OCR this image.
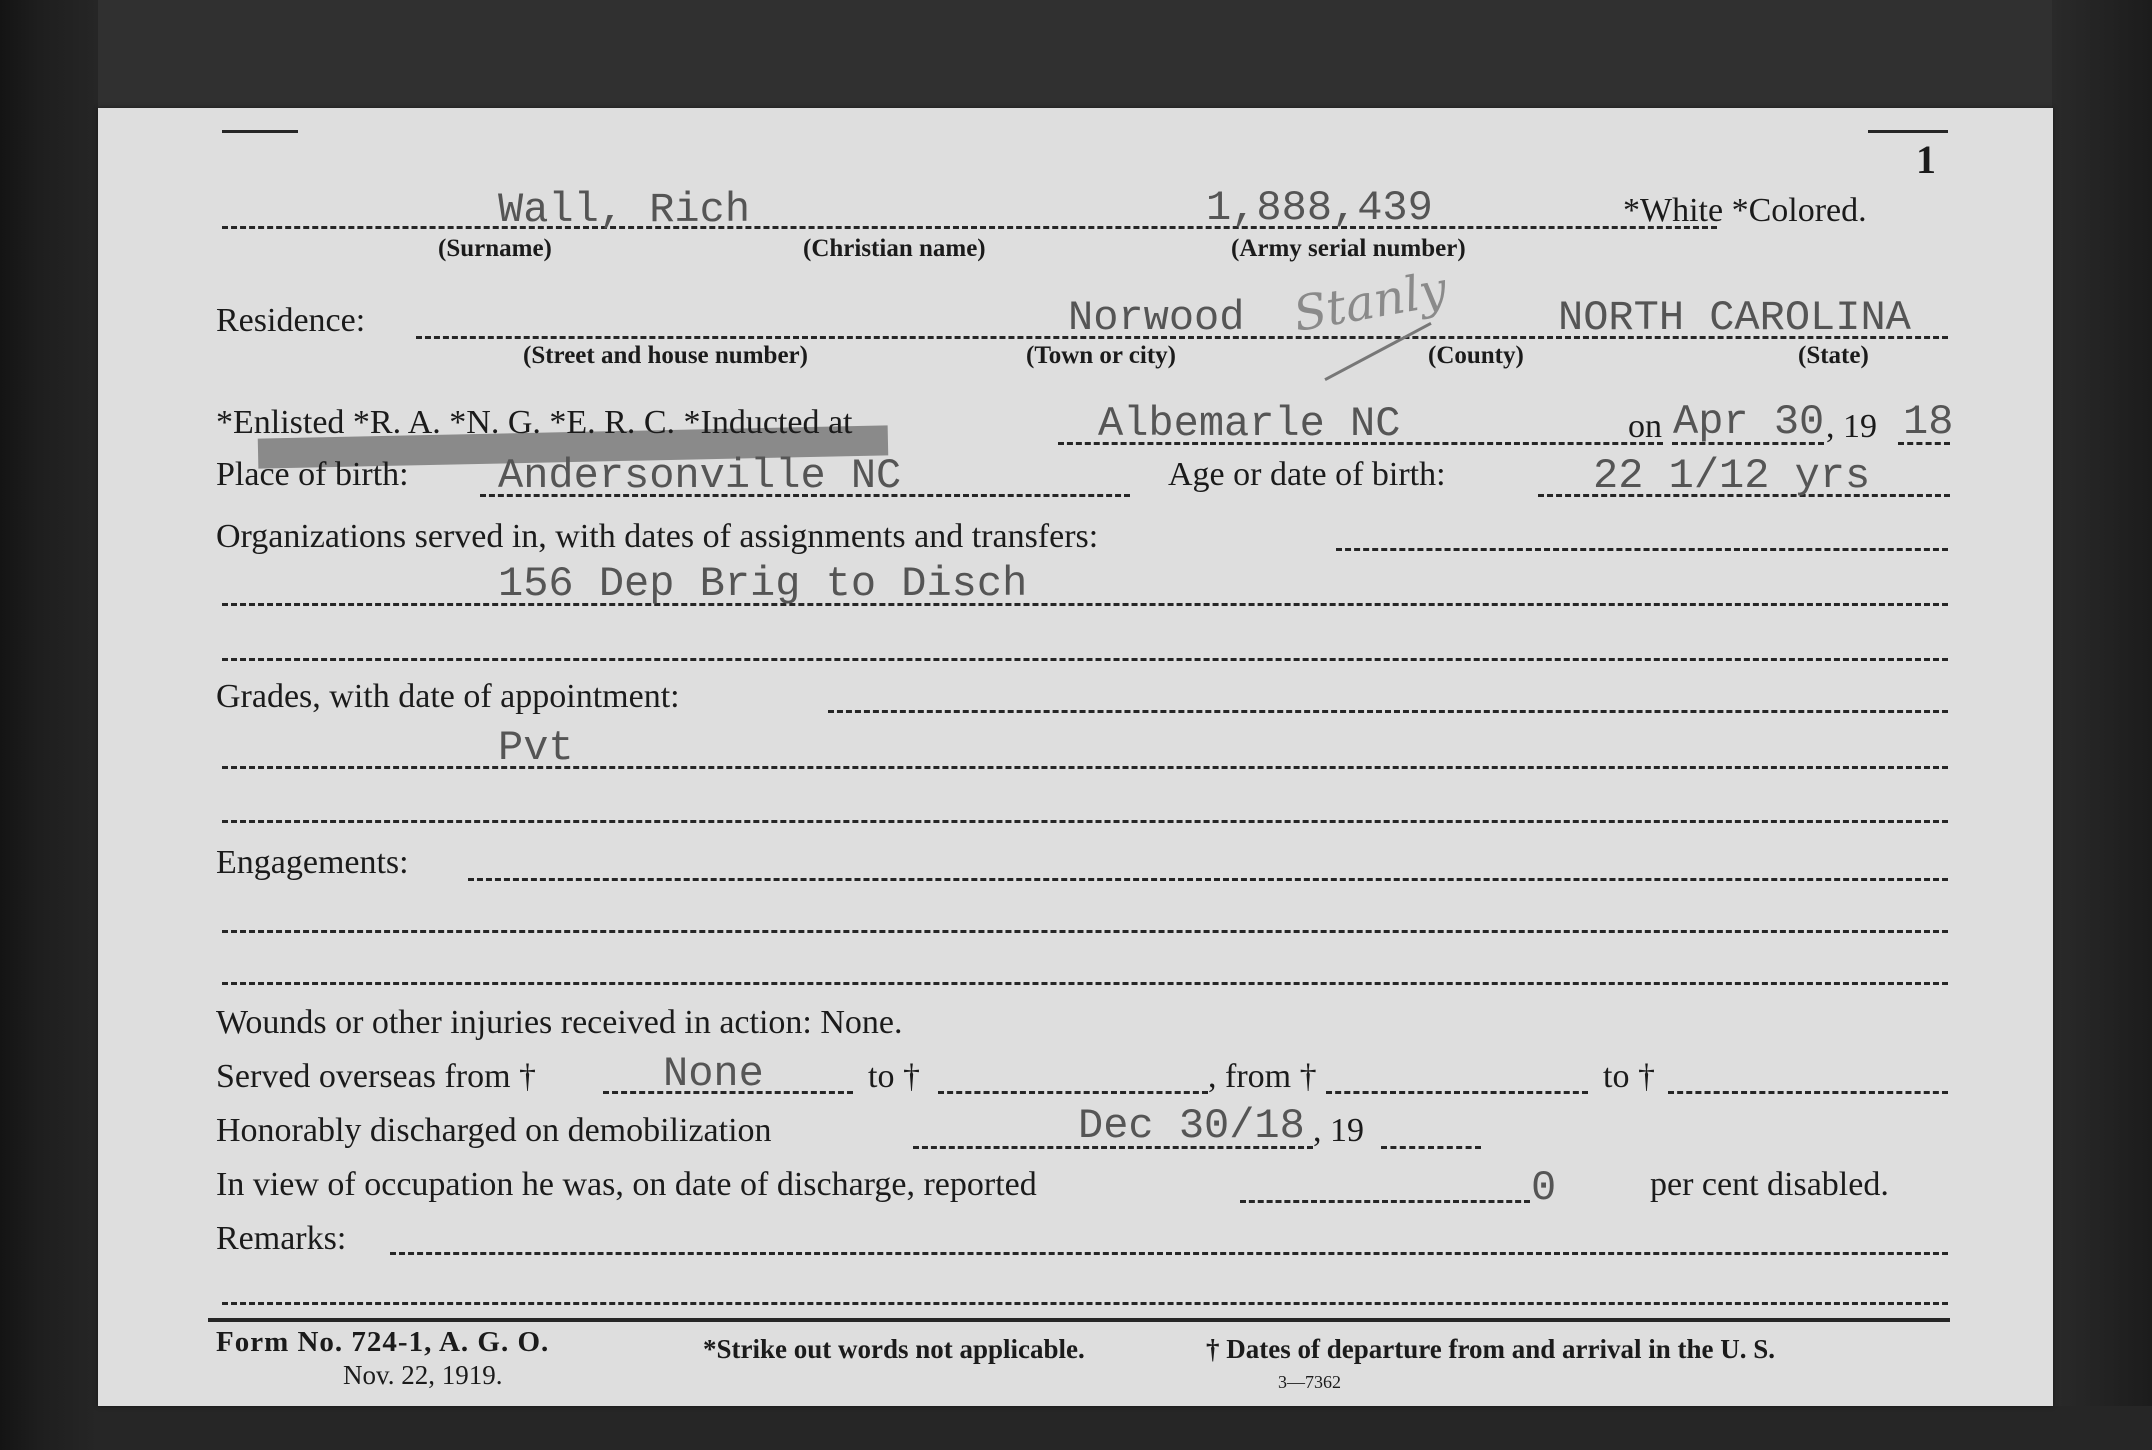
1
Wall, Rich	1,888,439	*White *Colored.
(Surname)	(Christian name)	(Army serial number)
Residence:	Norwood Stanly	NORTH CAROLINA
(Street and house number)	(Town or city)	(County)	(State)
*Enlisted *R. A. *N. G. *E. R. C. *Inducted at	Albemarle NC	on Apr 30 , 19 18
Place of birth: Andersonville NC	Age or date of birth:	22 1/12 yrs
Organizations served in, with dates of assignments and transfers:
156 Dep Brig to Disch
Grades, with date of appointment:
Pvt
Engagements:
Wounds or other injuries received in action: None.
Served overseas from †	None	to †	, from †	to †
Honorably discharged on demobilization	Dec 30/18 , 19
In view of occupation he was, on date of discharge, reported	0	per cent disabled.
Remarks:
Form No. 724-1, A. G. O.
Nov. 22, 1919.
*Strike out words not applicable.	† Dates of departure from and arrival in the U. S.
3—7362
